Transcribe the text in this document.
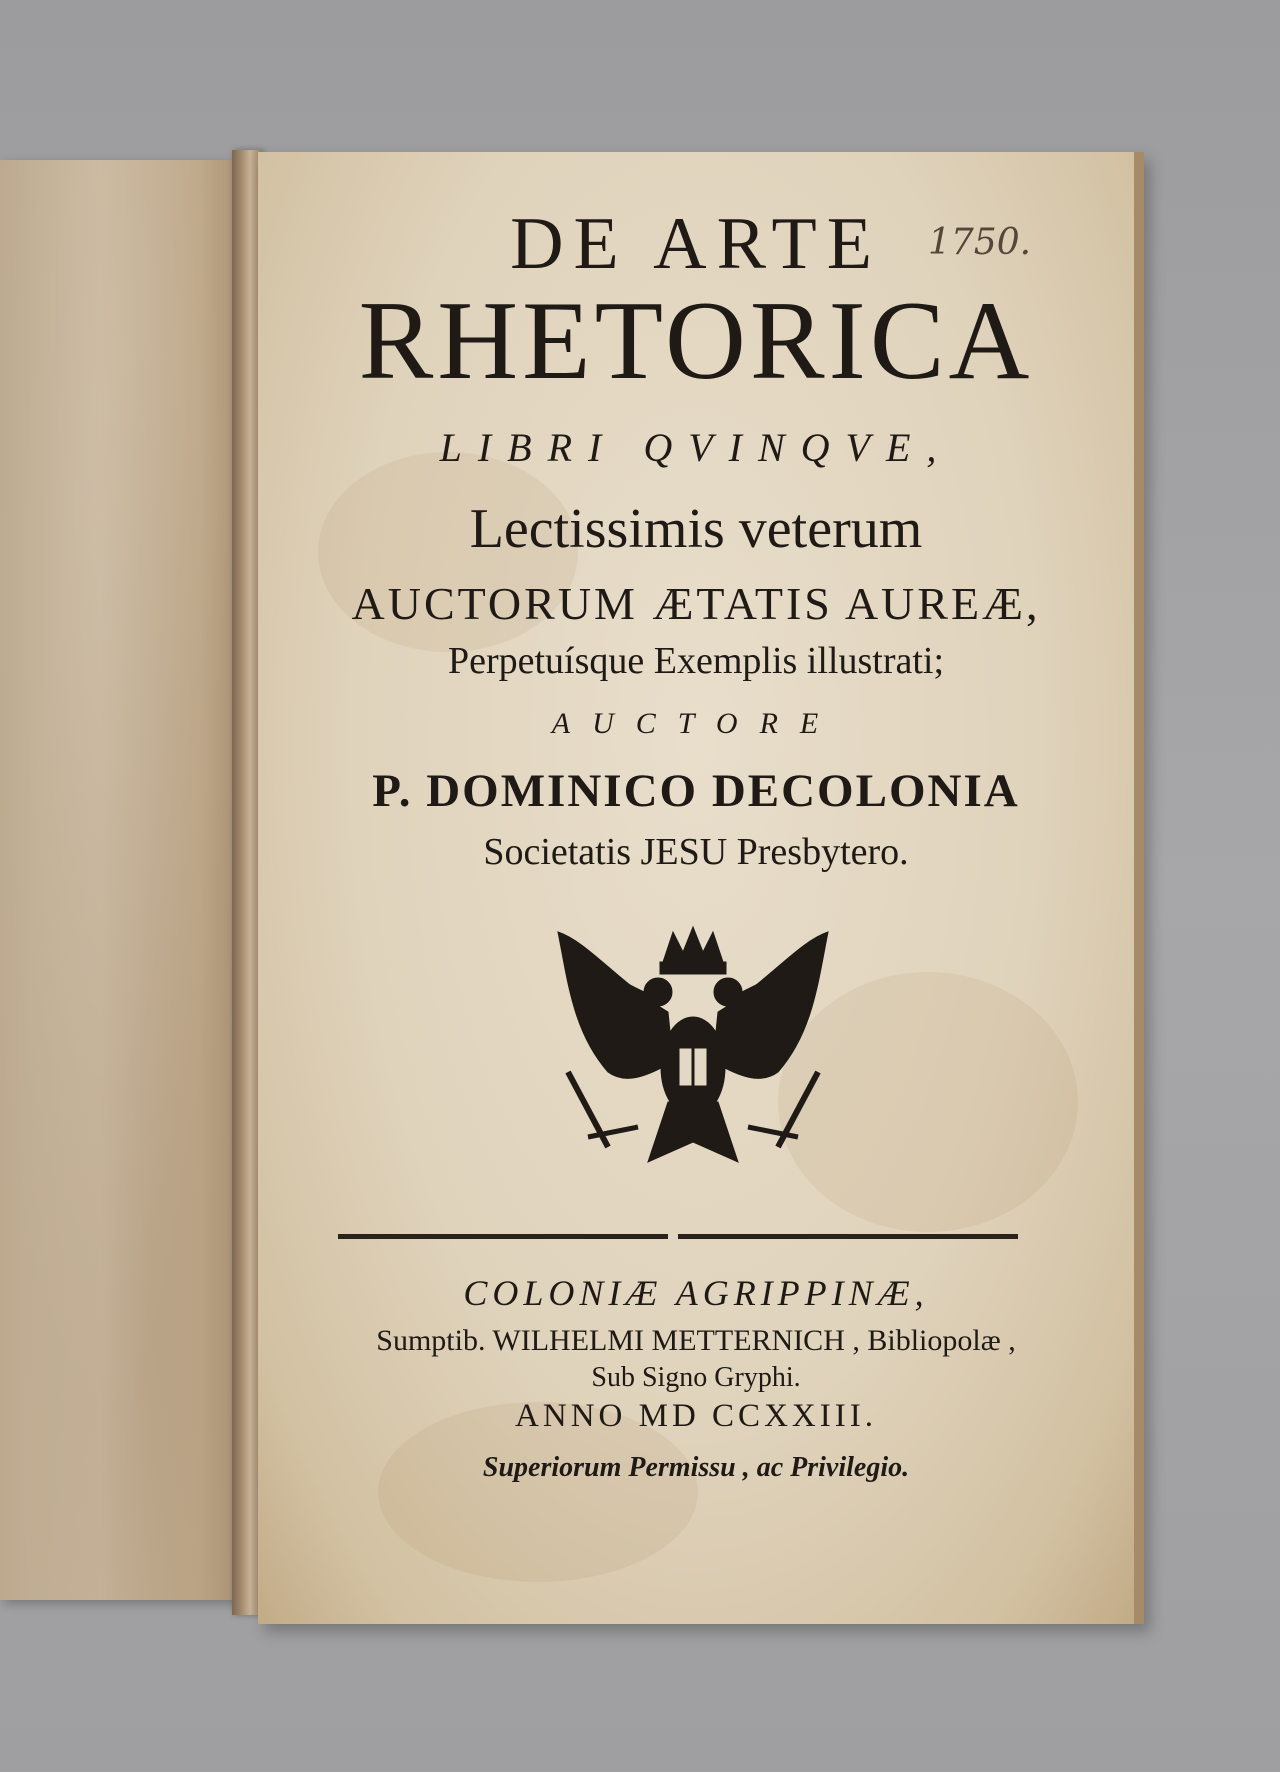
DE ARTE	1750.
RHETORICA
LIBRI QVINQVE,
Lectissimis veterum
AUCTORUM ÆTATIS AUREÆ,
Perpetuísque Exemplis illustrati;
AUCTORE
P. DOMINICO DECOLONIA
Societatis JESU Presbytero.
COLONIÆ AGRIPPINÆ,
Sumptib. WILHELMI METTERNICH , Bibliopolæ ,
Sub Signo Gryphi.
ANNO MD CCXXIII.
Superiorum Permissu , ac Privilegio.
